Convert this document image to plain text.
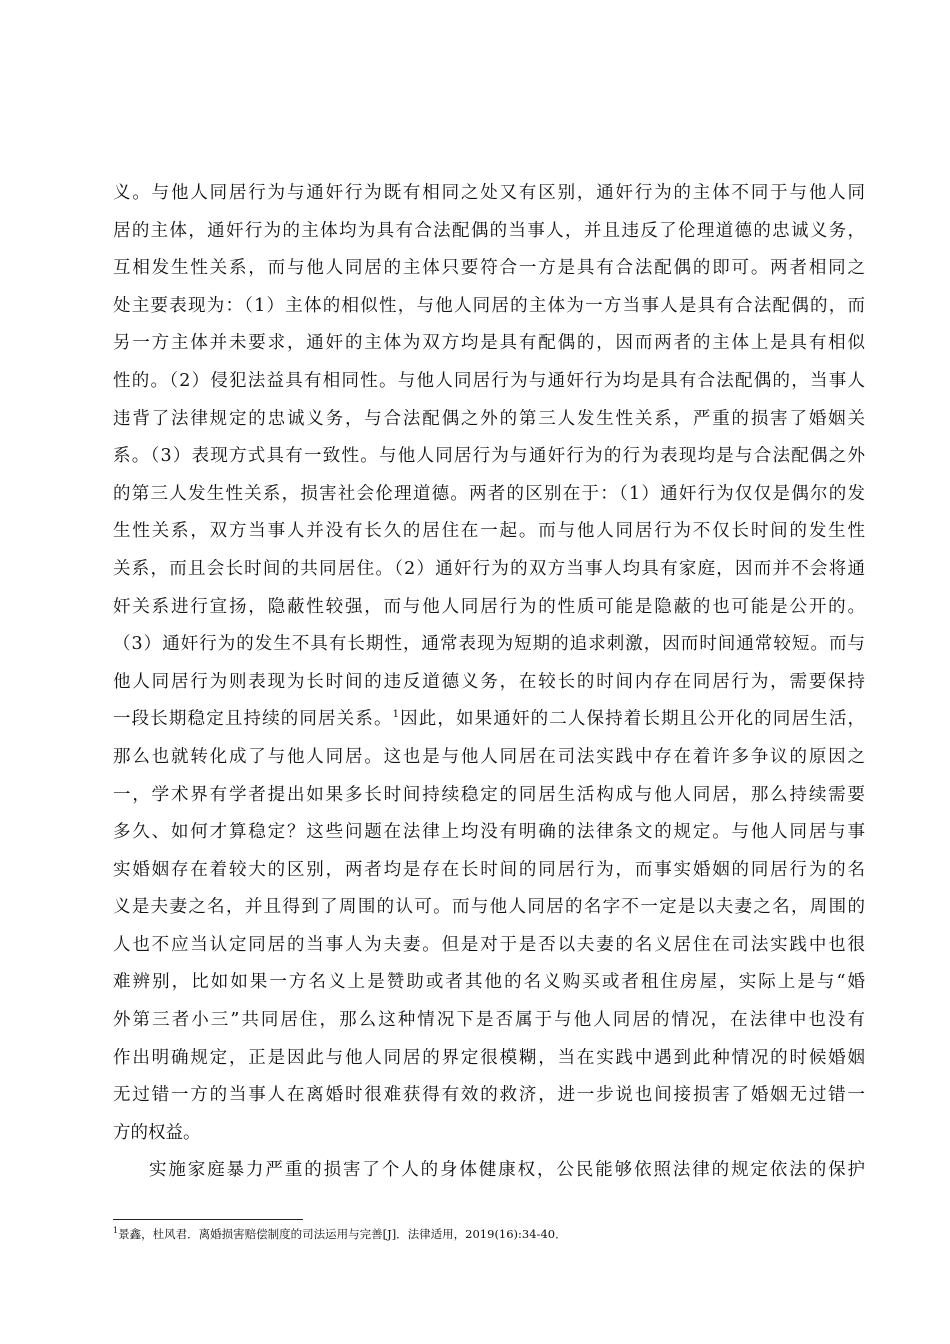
义。与他人同居行为与通奸行为既有相同之处又有区别，通奸行为的主体不同于与他人同
居的主体，通奸行为的主体均为具有合法配偶的当事人，并且违反了伦理道德的忠诚义务，
互相发生性关系，而与他人同居的主体只要符合一方是具有合法配偶的即可。两者相同之
处主要表现为：（1）主体的相似性，与他人同居的主体为一方当事人是具有合法配偶的，而
另一方主体并未要求，通奸的主体为双方均是具有配偶的，因而两者的主体上是具有相似
性的。（2）侵犯法益具有相同性。与他人同居行为与通奸行为均是具有合法配偶的，当事人
违背了法律规定的忠诚义务，与合法配偶之外的第三人发生性关系，严重的损害了婚姻关
系。（3）表现方式具有一致性。与他人同居行为与通奸行为的行为表现均是与合法配偶之外
的第三人发生性关系，损害社会伦理道德。两者的区别在于：（1）通奸行为仅仅是偶尔的发
生性关系，双方当事人并没有长久的居住在一起。而与他人同居行为不仅长时间的发生性
关系，而且会长时间的共同居住。（2）通奸行为的双方当事人均具有家庭，因而并不会将通
奸关系进行宣扬，隐蔽性较强，而与他人同居行为的性质可能是隐蔽的也可能是公开的。
（3）通奸行为的发生不具有长期性，通常表现为短期的追求刺激，因而时间通常较短。而与
他人同居行为则表现为长时间的违反道德义务，在较长的时间内存在同居行为，需要保持
一段长期稳定且持续的同居关系。$^1$因此，如果通奸的二人保持着长期且公开化的同居生活，
那么也就转化成了与他人同居。这也是与他人同居在司法实践中存在着许多争议的原因之
一，学术界有学者提出如果多长时间持续稳定的同居生活构成与他人同居，那么持续需要
多久、如何才算稳定？这些问题在法律上均没有明确的法律条文的规定。与他人同居与事
实婚姻存在着较大的区别，两者均是存在长时间的同居行为，而事实婚姻的同居行为的名
义是夫妻之名，并且得到了周围的认可。而与他人同居的名字不一定是以夫妻之名，周围的
人也不应当认定同居的当事人为夫妻。但是对于是否以夫妻的名义居住在司法实践中也很
难辨别，比如如果一方名义上是赞助或者其他的名义购买或者租住房屋，实际上是与“婚
外第三者小三”共同居住，那么这种情况下是否属于与他人同居的情况，在法律中也没有
作出明确规定，正是因此与他人同居的界定很模糊，当在实践中遇到此种情况的时候婚姻
无过错一方的当事人在离婚时很难获得有效的救济，进一步说也间接损害了婚姻无过错一
方的权益。
实施家庭暴力严重的损害了个人的身体健康权，公民能够依照法律的规定依法的保护
$^1$景鑫，杜风君．离婚损害赔偿制度的司法运用与完善[J]．法律适用，2019(16):34-40．
